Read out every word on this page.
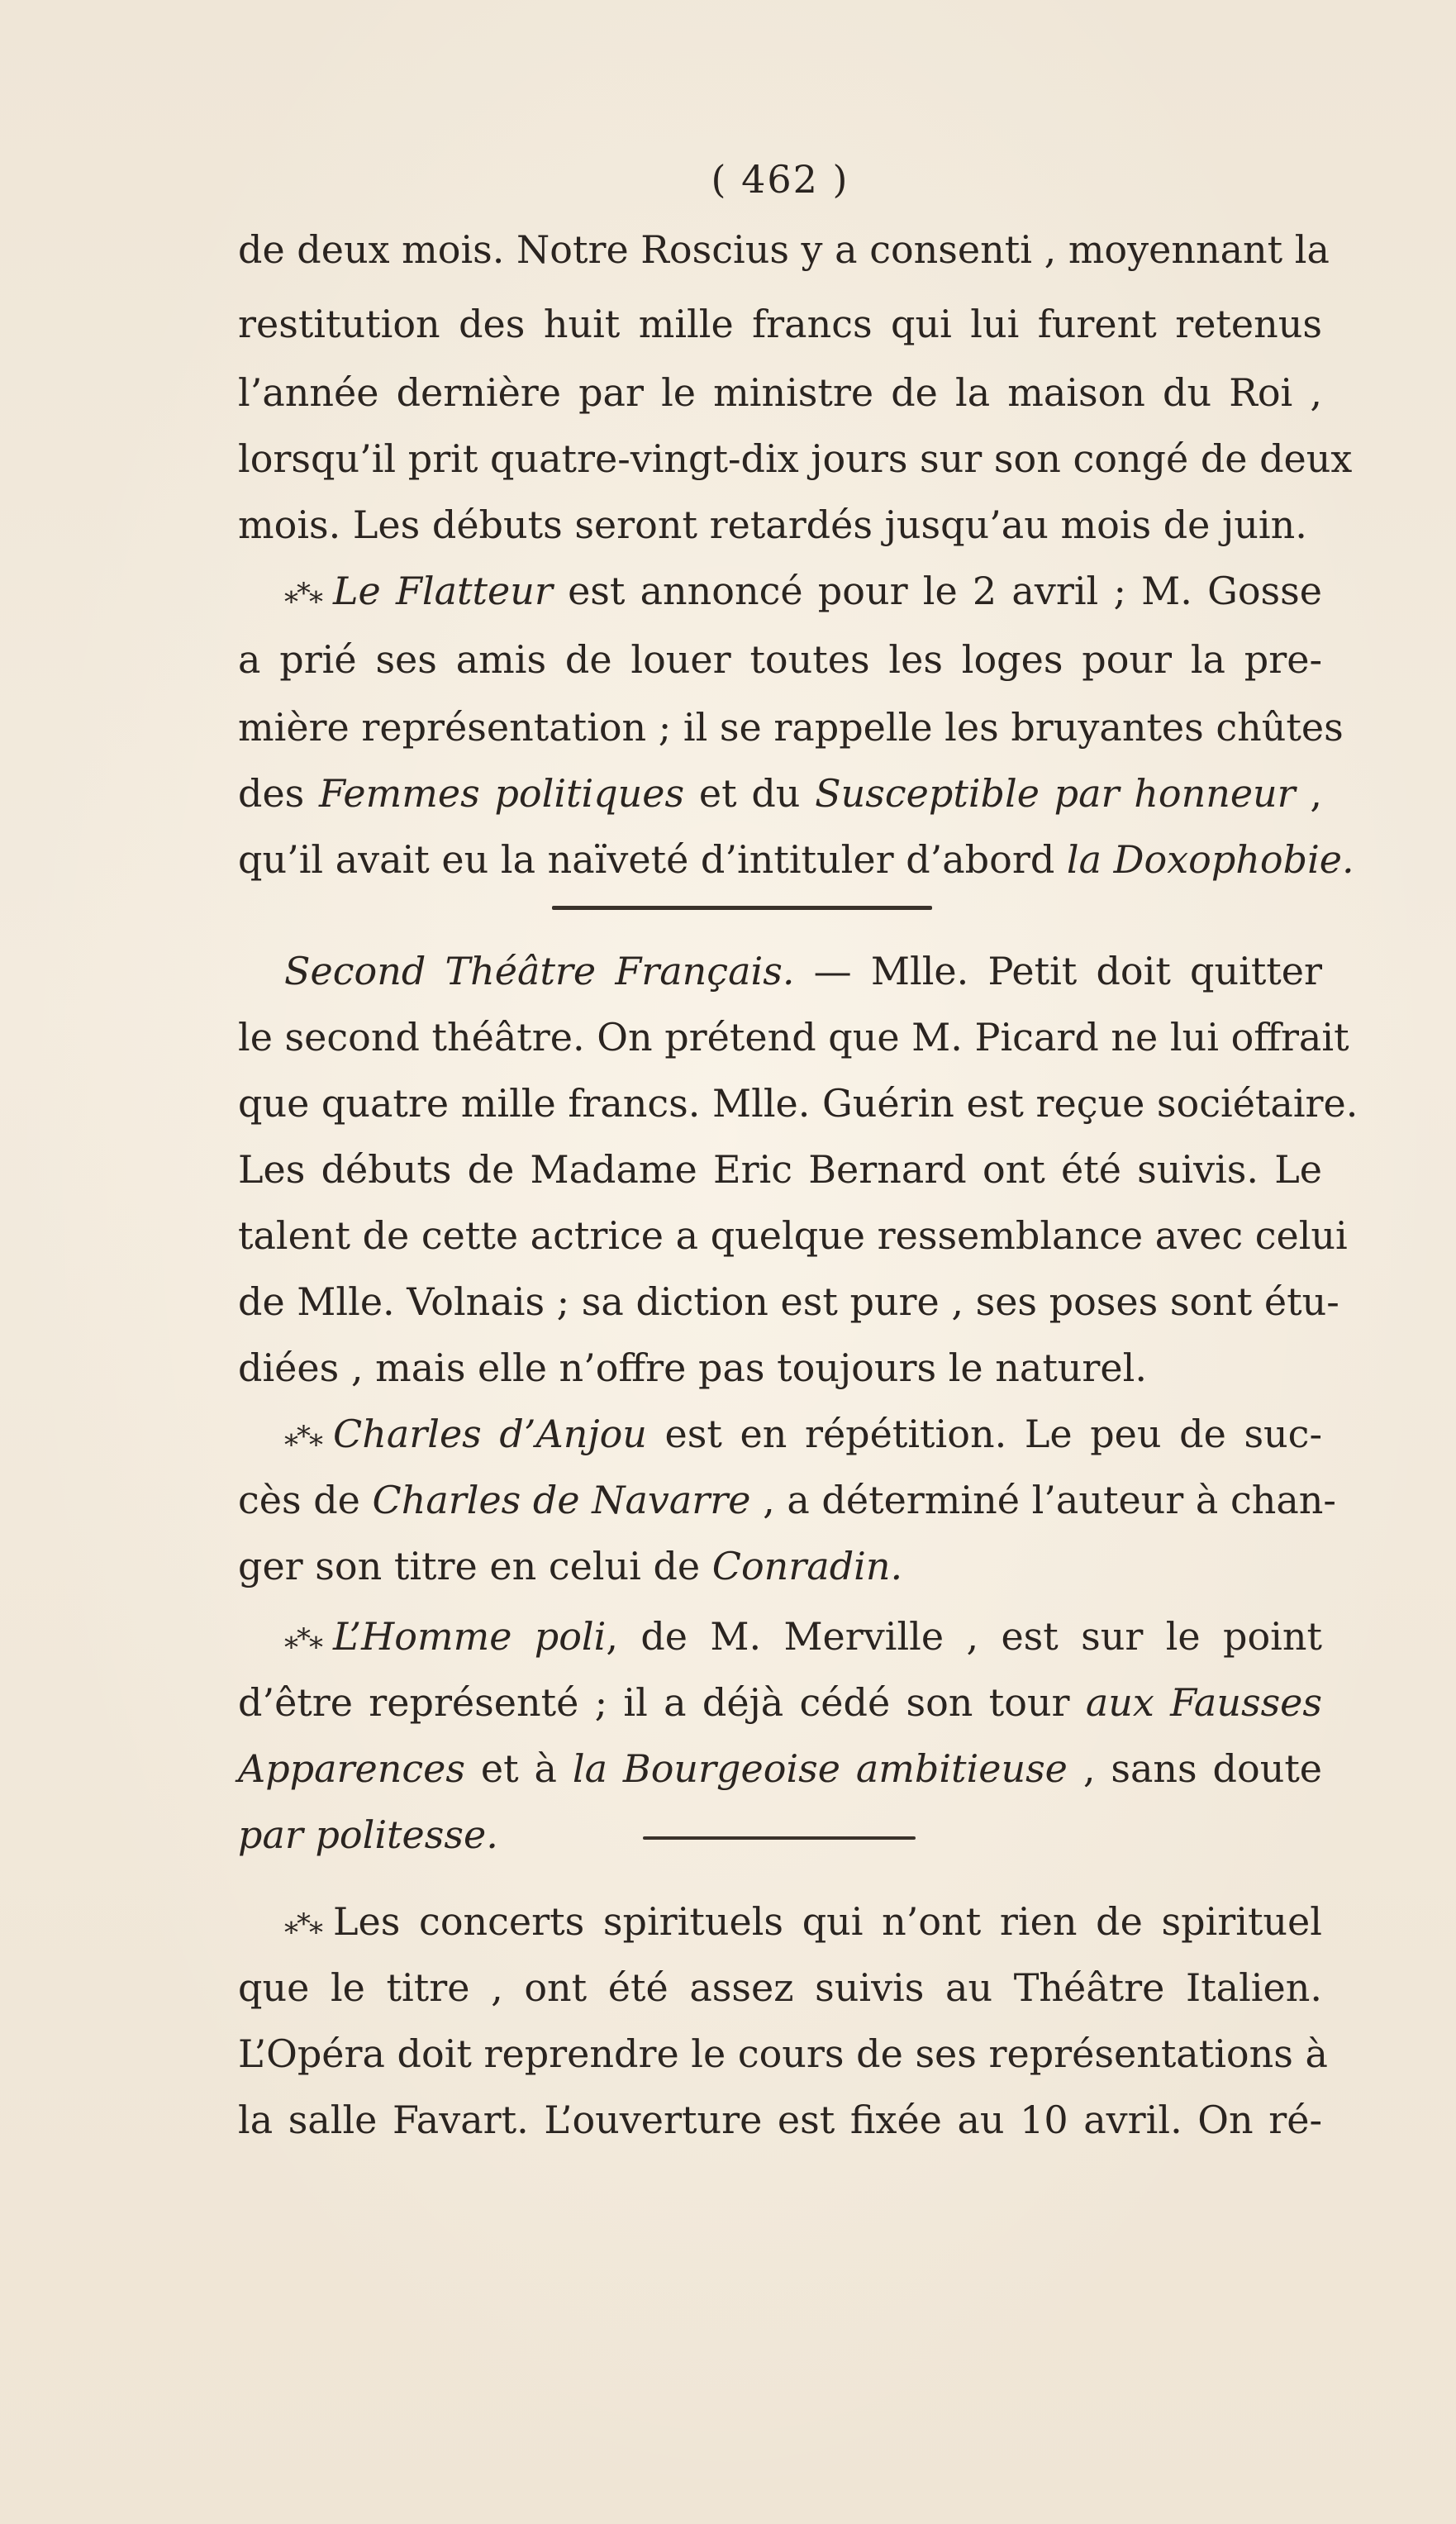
( 462 )
de deux mois. Notre Roscius y a consenti , moyennant la
restitution des huit mille francs qui lui furent retenus
l’année dernière par le ministre de la maison du Roi ,
lorsqu’il prit quatre-vingt-dix jours sur son congé de deux
mois. Les débuts seront retardés jusqu’au mois de juin.
⁎*⁎ Le Flatteur est annoncé pour le 2 avril ; M. Gosse
a prié ses amis de louer toutes les loges pour la pre-
mière représentation ; il se rappelle les bruyantes chûtes
des Femmes politiques et du Susceptible par honneur ,
qu’il avait eu la naïveté d’intituler d’abord la Doxophobie.
Second Théâtre Français. — Mlle. Petit doit quitter
le second théâtre. On prétend que M. Picard ne lui offrait
que quatre mille francs. Mlle. Guérin est reçue sociétaire.
Les débuts de Madame Eric Bernard ont été suivis. Le
talent de cette actrice a quelque ressemblance avec celui
de Mlle. Volnais ; sa diction est pure , ses poses sont étu-
diées , mais elle n’offre pas toujours le naturel.
⁎*⁎ Charles d’Anjou est en répétition. Le peu de suc-
cès de Charles de Navarre , a déterminé l’auteur à chan-
ger son titre en celui de Conradin.
⁎*⁎ L’Homme poli, de M. Merville , est sur le point
d’être représenté ; il a déjà cédé son tour aux Fausses
Apparences et à la Bourgeoise ambitieuse , sans doute
par politesse.
⁎*⁎ Les concerts spirituels qui n’ont rien de spirituel
que le titre , ont été assez suivis au Théâtre Italien.
L’Opéra doit reprendre le cours de ses représentations à
la salle Favart. L’ouverture est fixée au 10 avril. On ré-
